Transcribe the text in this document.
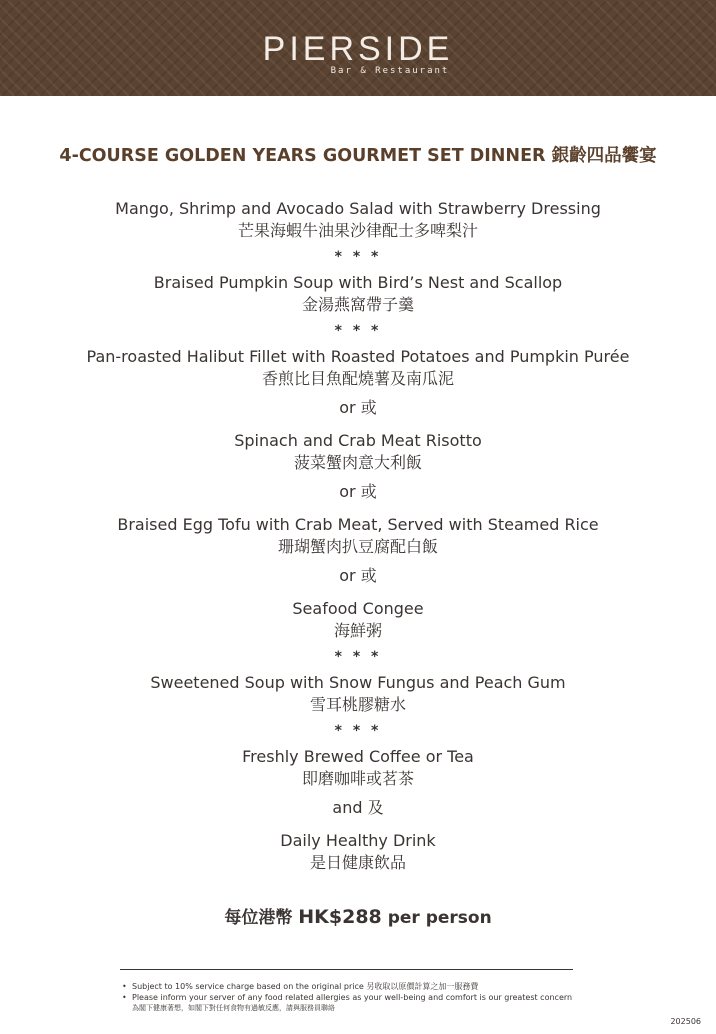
PIERSIDE
Bar & Restaurant
4-COURSE GOLDEN YEARS GOURMET SET DINNER 銀齡四品饗宴
Mango, Shrimp and Avocado Salad with Strawberry Dressing
芒果海蝦牛油果沙律配士多啤梨汁
* * *
Braised Pumpkin Soup with Bird’s Nest and Scallop
金湯燕窩帶子羹
* * *
Pan-roasted Halibut Fillet with Roasted Potatoes and Pumpkin Purée
香煎比目魚配燒薯及南瓜泥
or 或
Spinach and Crab Meat Risotto
菠菜蟹肉意大利飯
or 或
Braised Egg Tofu with Crab Meat, Served with Steamed Rice
珊瑚蟹肉扒豆腐配白飯
or 或
Seafood Congee
海鮮粥
* * *
Sweetened Soup with Snow Fungus and Peach Gum
雪耳桃膠糖水
* * *
Freshly Brewed Coffee or Tea
即磨咖啡或茗茶
and 及
Daily Healthy Drink
是日健康飲品
每位港幣 HK$288 per person
• Subject to 10% service charge based on the original price 另收取以原價計算之加一服務費
• Please inform your server of any food related allergies as your well-being and comfort is our greatest concern
為閣下健康著想，如閣下對任何食物有過敏反應，請與服務員聯絡
202506
